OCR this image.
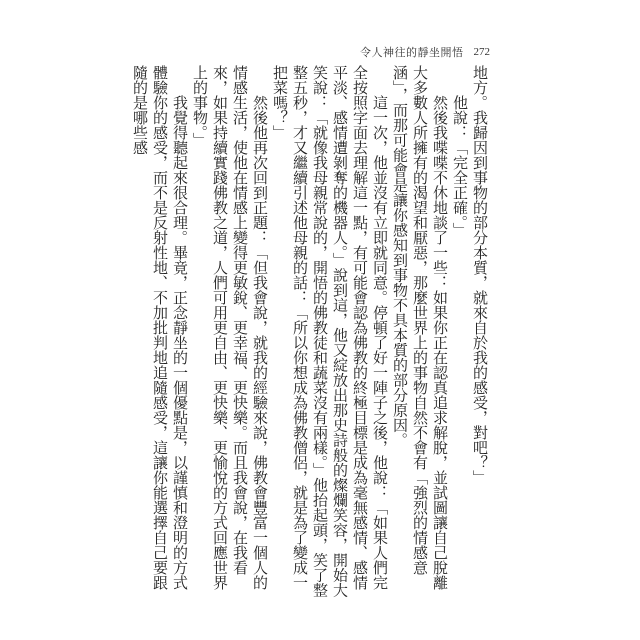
令人神往的靜坐開悟 272

地方。我歸因到事物的部分本質，就來自於我的感受，對吧？」

他說：「完全正確。」

然後我喋喋不休地談了一些：如果你正在認真追求解脫，並試圖讓自己脫離大多數人所擁有的渴望和厭惡，那麼世界上的事物自然不會有「強烈的情感意涵」，而那可能會是讓你感知到事物不具本質的部分原因。

這一次，他並沒有立即就同意。停頓了好一陣子之後，他說：「如果人們完全按照字面去理解這一點，有可能會認為佛教的終極目標是成為毫無感情、感情平淡、感情遭剝奪的機器人。」說到這，他又綻放出那史詩般的燦爛笑容，開始大笑說：「就像我母親常說的，開悟的佛教徒和蔬菜沒有兩樣。」他抬起頭，笑了整整五秒，才又繼續引述他母親的話：「所以你想成為佛教僧侶，就是為了變成一把菜嗎？」

然後他再次回到正題：「但我會說，就我的經驗來說，佛教會豐富一個人的情感生活，使他在情感上變得更敏銳、更幸福、更快樂。而且我會說，在我看來，如果持續實踐佛教之道，人們可用更自由、更快樂、更愉悅的方式回應世界上的事物。」

我覺得聽起來很合理。畢竟，正念靜坐的一個優點是，以謹慎和澄明的方式體驗你的感受，而不是反射性地、不加批判地追隨感受，這讓你能選擇自己要跟隨的是哪些感
